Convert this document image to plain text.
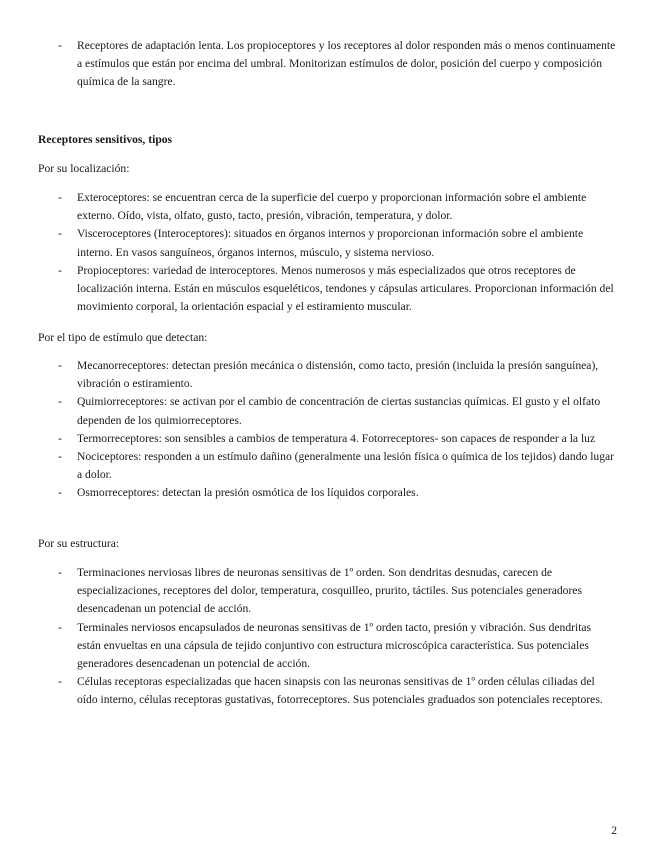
- Receptores de adaptación lenta. Los propioceptores y los receptores al dolor responden más o menos continuamente a estímulos que están por encima del umbral. Monitorizan estímulos de dolor, posición del cuerpo y composición química de la sangre.
Receptores sensitivos, tipos
Por su localización:
- Exteroceptores: se encuentran cerca de la superficie del cuerpo y proporcionan información sobre el ambiente externo. Oído, vista, olfato, gusto, tacto, presión, vibración, temperatura, y dolor.
- Visceroceptores (Interoceptores): situados en órganos internos y proporcionan información sobre el ambiente interno. En vasos sanguíneos, órganos internos, músculo, y sistema nervioso.
- Propioceptores: variedad de interoceptores. Menos numerosos y más especializados que otros receptores de localización interna. Están en músculos esqueléticos, tendones y cápsulas articulares. Proporcionan información del movimiento corporal, la orientación espacial y el estiramiento muscular.
Por el tipo de estímulo que detectan:
- Mecanorreceptores: detectan presión mecánica o distensión, como tacto, presión (incluida la presión sanguínea), vibración o estiramiento.
- Quimiorreceptores: se activan por el cambio de concentración de ciertas sustancias químicas. El gusto y el olfato dependen de los quimiorreceptores.
- Termorreceptores: son sensibles a cambios de temperatura 4. Fotorreceptores- son capaces de responder a la luz
- Nociceptores: responden a un estímulo dañino (generalmente una lesión física o química de los tejidos) dando lugar a dolor.
- Osmorreceptores: detectan la presión osmótica de los líquidos corporales.
Por su estructura:
- Terminaciones nerviosas libres de neuronas sensitivas de 1º orden. Son dendritas desnudas, carecen de especializaciones, receptores del dolor, temperatura, cosquilleo, prurito, táctiles. Sus potenciales generadores desencadenan un potencial de acción.
- Terminales nerviosos encapsulados de neuronas sensitivas de 1º orden tacto, presión y vibración. Sus dendritas están envueltas en una cápsula de tejido conjuntivo con estructura microscópica característica. Sus potenciales generadores desencadenan un potencial de acción.
- Células receptoras especializadas que hacen sinapsis con las neuronas sensitivas de 1º orden células ciliadas del oído interno, células receptoras gustativas, fotorreceptores. Sus potenciales graduados son potenciales receptores.
2
